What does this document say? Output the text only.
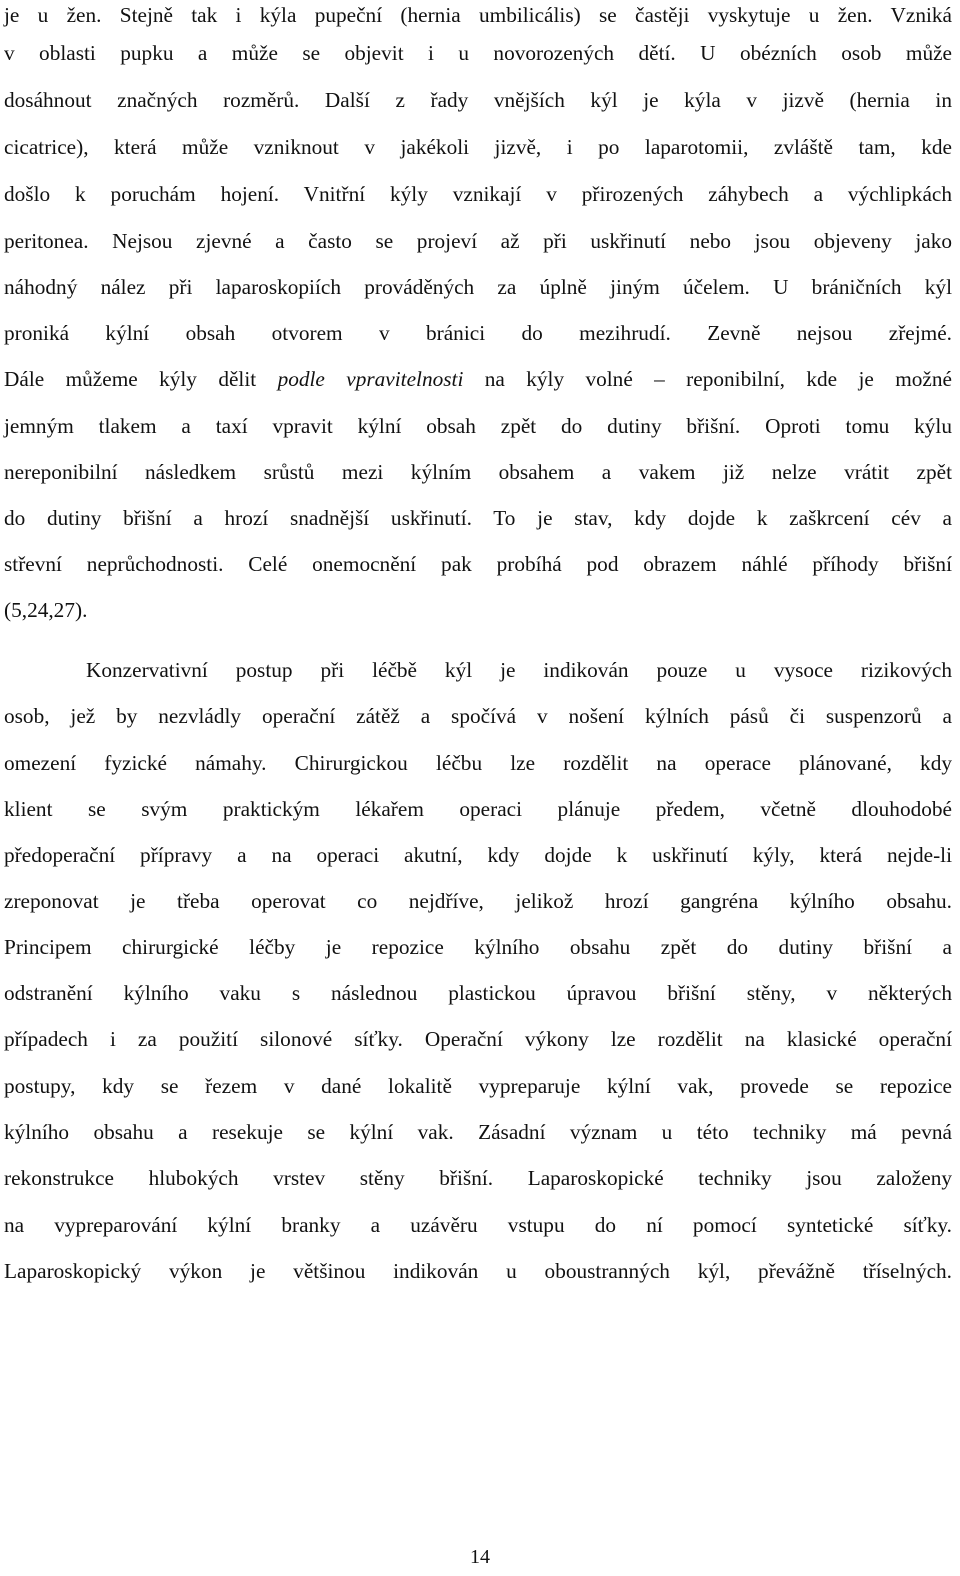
je u žen. Stejně tak i kýla pupeční (hernia umbilicális) se častěji vyskytuje u žen. Vzniká
v oblasti pupku a může se objevit i u novorozených dětí. U obézních osob může
dosáhnout značných rozměrů. Další z řady vnějších kýl je kýla v jizvě (hernia in
cicatrice), která může vzniknout v jakékoli jizvě, i po laparotomii, zvláště tam, kde
došlo k poruchám hojení. Vnitřní kýly vznikají v přirozených záhybech a výchlipkách
peritonea. Nejsou zjevné a často se projeví až při uskřinutí nebo jsou objeveny jako
náhodný nález při laparoskopiích prováděných za úplně jiným účelem. U bráničních kýl
proniká kýlní obsah otvorem v bránici do mezihrudí. Zevně nejsou zřejmé.
Dále můžeme kýly dělit podle vpravitelnosti na kýly volné – reponibilní, kde je možné
jemným tlakem a taxí vpravit kýlní obsah zpět do dutiny břišní. Oproti tomu kýlu
nereponibilní následkem srůstů mezi kýlním obsahem a vakem již nelze vrátit zpět
do dutiny břišní a hrozí snadnější uskřinutí. To je stav, kdy dojde k zaškrcení cév a
střevní neprůchodnosti. Celé onemocnění pak probíhá pod obrazem náhlé příhody břišní
(5,24,27).
Konzervativní postup při léčbě kýl je indikován pouze u vysoce rizikových
osob, jež by nezvládly operační zátěž a spočívá v nošení kýlních pásů či suspenzorů a
omezení fyzické námahy. Chirurgickou léčbu lze rozdělit na operace plánované, kdy
klient se svým praktickým lékařem operaci plánuje předem, včetně dlouhodobé
předoperační přípravy a na operaci akutní, kdy dojde k uskřinutí kýly, která nejde-li
zreponovat je třeba operovat co nejdříve, jelikož hrozí gangréna kýlního obsahu.
Principem chirurgické léčby je repozice kýlního obsahu zpět do dutiny břišní a
odstranění kýlního vaku s následnou plastickou úpravou břišní stěny, v některých
případech i za použití silonové síťky. Operační výkony lze rozdělit na klasické operační
postupy, kdy se řezem v dané lokalitě vypreparuje kýlní vak, provede se repozice
kýlního obsahu a resekuje se kýlní vak. Zásadní význam u této techniky má pevná
rekonstrukce hlubokých vrstev stěny břišní. Laparoskopické techniky jsou založeny
na vypreparování kýlní branky a uzávěru vstupu do ní pomocí syntetické síťky.
Laparoskopický výkon je většinou indikován u oboustranných kýl, převážně tříselných.
14
